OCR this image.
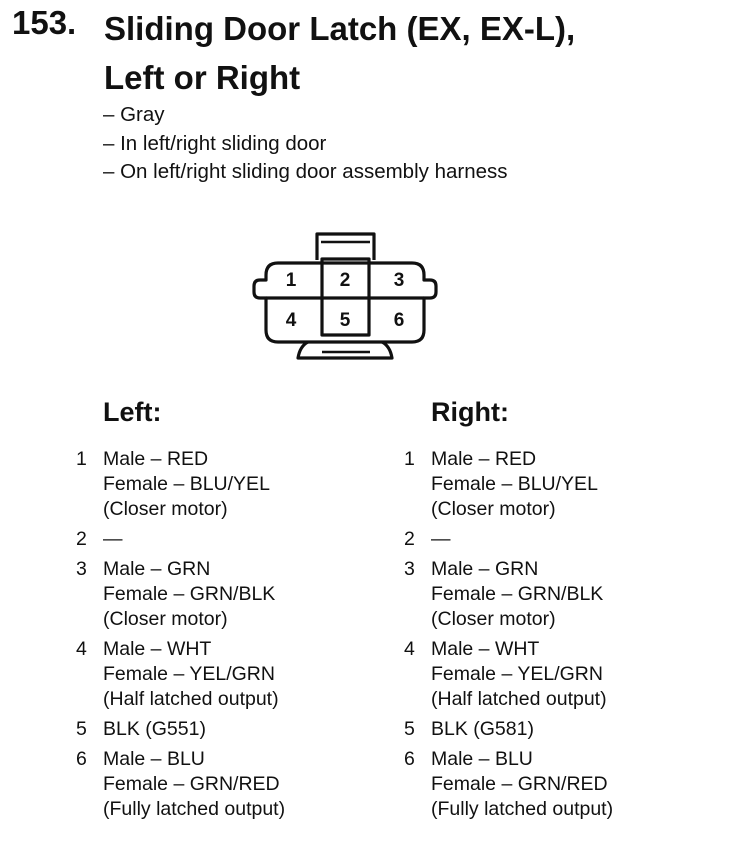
153. Sliding Door Latch (EX, EX-L),
Left or Right
– Gray
– In left/right sliding door
– On left/right sliding door assembly harness
1 2 3
4 5 6
Left:
1 Male – RED
Female – BLU/YEL
(Closer motor)
2 —
3 Male – GRN
Female – GRN/BLK
(Closer motor)
4 Male – WHT
Female – YEL/GRN
(Half latched output)
5 BLK (G551)
6 Male – BLU
Female – GRN/RED
(Fully latched output)
Right:
1 Male – RED
Female – BLU/YEL
(Closer motor)
2 —
3 Male – GRN
Female – GRN/BLK
(Closer motor)
4 Male – WHT
Female – YEL/GRN
(Half latched output)
5 BLK (G581)
6 Male – BLU
Female – GRN/RED
(Fully latched output)
